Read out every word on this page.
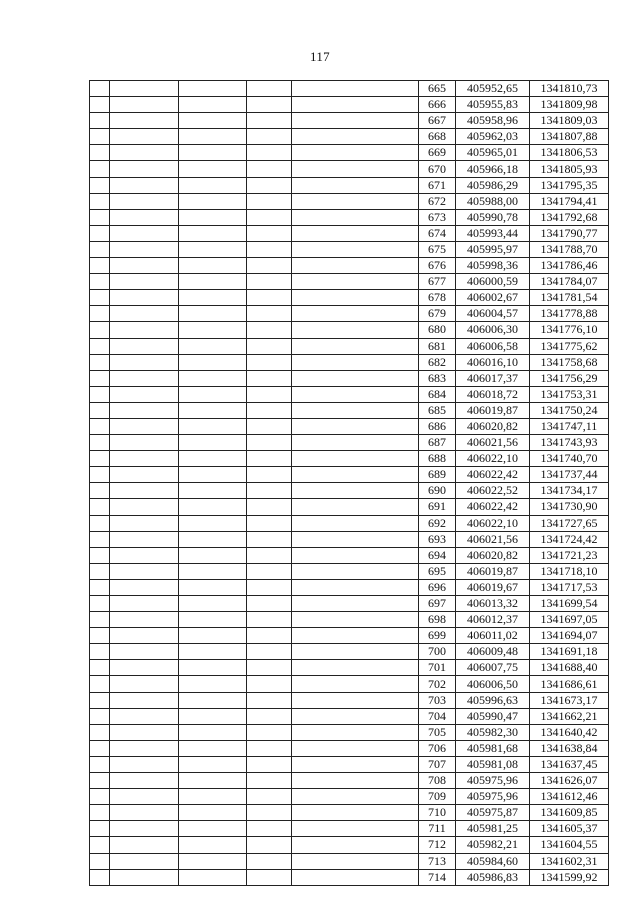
117
					665	405952,65	1341810,73
					666	405955,83	1341809,98
					667	405958,96	1341809,03
					668	405962,03	1341807,88
					669	405965,01	1341806,53
					670	405966,18	1341805,93
					671	405986,29	1341795,35
					672	405988,00	1341794,41
					673	405990,78	1341792,68
					674	405993,44	1341790,77
					675	405995,97	1341788,70
					676	405998,36	1341786,46
					677	406000,59	1341784,07
					678	406002,67	1341781,54
					679	406004,57	1341778,88
					680	406006,30	1341776,10
					681	406006,58	1341775,62
					682	406016,10	1341758,68
					683	406017,37	1341756,29
					684	406018,72	1341753,31
					685	406019,87	1341750,24
					686	406020,82	1341747,11
					687	406021,56	1341743,93
					688	406022,10	1341740,70
					689	406022,42	1341737,44
					690	406022,52	1341734,17
					691	406022,42	1341730,90
					692	406022,10	1341727,65
					693	406021,56	1341724,42
					694	406020,82	1341721,23
					695	406019,87	1341718,10
					696	406019,67	1341717,53
					697	406013,32	1341699,54
					698	406012,37	1341697,05
					699	406011,02	1341694,07
					700	406009,48	1341691,18
					701	406007,75	1341688,40
					702	406006,50	1341686,61
					703	405996,63	1341673,17
					704	405990,47	1341662,21
					705	405982,30	1341640,42
					706	405981,68	1341638,84
					707	405981,08	1341637,45
					708	405975,96	1341626,07
					709	405975,96	1341612,46
					710	405975,87	1341609,85
					711	405981,25	1341605,37
					712	405982,21	1341604,55
					713	405984,60	1341602,31
					714	405986,83	1341599,92
